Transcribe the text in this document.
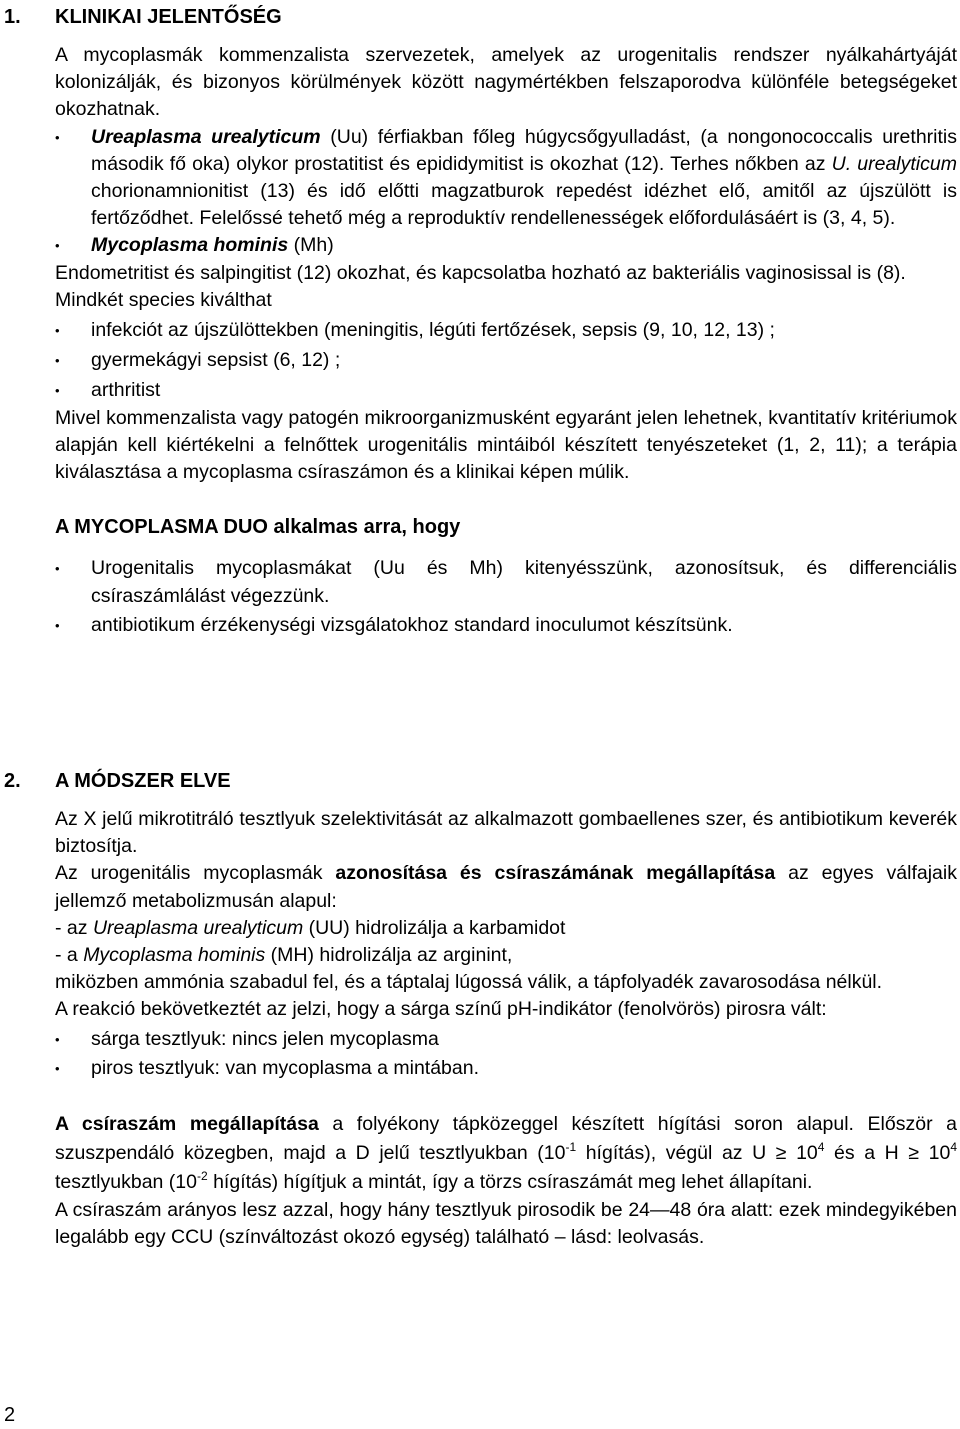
1. KLINIKAI JELENTŐSÉG

A mycoplasmák kommenzalista szervezetek, amelyek az urogenitalis rendszer nyálkahártyáját kolonizálják, és bizonyos körülmények között nagymértékben felszaporodva különféle betegségeket okozhatnak.

•	Ureaplasma urealyticum (Uu) férfiakban főleg húgycsőgyulladást, (a nongonococcalis urethritis második fő oka) olykor prostatitist és epididymitist is okozhat (12). Terhes nőkben az U. urealyticum chorionamnionitist (13) és idő előtti magzatburok repedést idézhet elő, amitől az újszülött is fertőződhet. Felelőssé tehető még a reproduktív rendellenességek előfordulásáért is (3, 4, 5).
•	Mycoplasma hominis (Mh)

Endometritist és salpingitist (12) okozhat, és kapcsolatba hozható az bakteriális vaginosissal is (8).

Mindkét species kiválthat

•	infekciót az újszülöttekben (meningitis, légúti fertőzések, sepsis (9, 10, 12, 13) ;
•	gyermekágyi sepsist (6, 12) ;
•	arthritist

Mivel kommenzalista vagy patogén mikroorganizmusként egyaránt jelen lehetnek, kvantitatív kritériumok alapján kell kiértékelni a felnőttek urogenitális mintáiból készített tenyészeteket (1, 2, 11); a terápia kiválasztása a mycoplasma csíraszámon és a klinikai képen múlik.

A MYCOPLASMA DUO alkalmas arra, hogy

•	Urogenitalis mycoplasmákat (Uu és Mh) kitenyésszünk, azonosítsuk, és differenciális csíraszámlálást végezzünk.
•	antibiotikum érzékenységi vizsgálatokhoz standard inoculumot készítsünk.
2. A MÓDSZER ELVE

Az X jelű mikrotitráló tesztlyuk szelektivitását az alkalmazott gombaellenes szer, és antibiotikum keverék biztosítja.

Az urogenitális mycoplasmák azonosítása és csíraszámának megállapítása az egyes válfajaik jellemző metabolizmusán alapul:

- az Ureaplasma urealyticum (UU) hidrolizálja a karbamidot

- a Mycoplasma hominis (MH) hidrolizálja az arginint,

miközben ammónia szabadul fel, és a táptalaj lúgossá válik, a tápfolyadék zavarosodása nélkül.

A reakció bekövetkeztét az jelzi, hogy a sárga színű pH-indikátor (fenolvörös) pirosra vált:

•	sárga tesztlyuk: nincs jelen mycoplasma
•	piros tesztlyuk: van mycoplasma a mintában.

A csíraszám megállapítása a folyékony tápközeggel készített hígítási soron alapul. Először a szuszpendáló közegben, majd a D jelű tesztlyukban ($10^{-1}$ hígítás), végül az $U \ge 10^4$ és a $H \ge 10^4$ tesztlyukban ($10^{-2}$ hígítás) hígítjuk a mintát, így a törzs csíraszámát meg lehet állapítani.

A csíraszám arányos lesz azzal, hogy hány tesztlyuk pirosodik be 24—48 óra alatt: ezek mindegyikében legalább egy CCU (színváltozást okozó egység) található – lásd: leolvasás.

2
